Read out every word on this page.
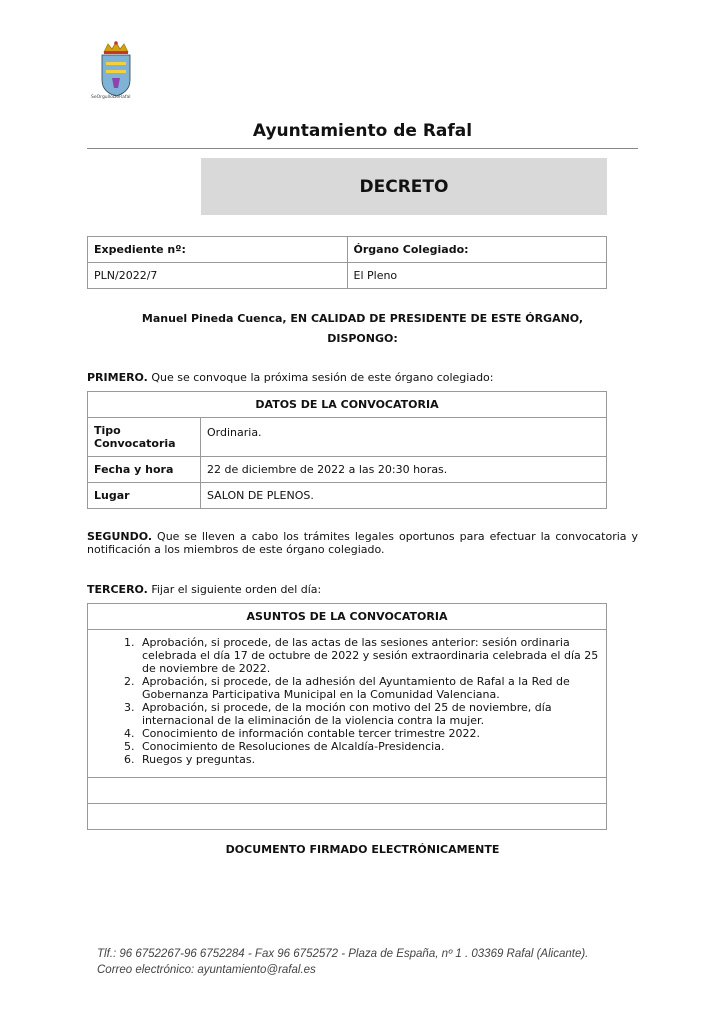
SeOrgulloDeRafal
Ayuntamiento de Rafal
DECRETO
Expediente nº:	Órgano Colegiado:
PLN/2022/7	El Pleno
Manuel Pineda Cuenca, EN CALIDAD DE PRESIDENTE DE ESTE ÓRGANO,
DISPONGO:
PRIMERO. Que se convoque la próxima sesión de este órgano colegiado:
DATOS DE LA CONVOCATORIA	
Tipo Convocatoria	Ordinaria.
Fecha y hora	22 de diciembre de 2022 a las 20:30 horas.
Lugar	SALON DE PLENOS.
SEGUNDO. Que se lleven a cabo los trámites legales oportunos para efectuar la convocatoria y notificación a los miembros de este órgano colegiado.
TERCERO. Fijar el siguiente orden del día:
ASUNTOS DE LA CONVOCATORIA

1. Aprobación, si procede, de las actas de las sesiones anterior: sesión ordinaria celebrada el día 17 de octubre de 2022 y sesión extraordinaria celebrada el día 25 de noviembre de 2022.
2. Aprobación, si procede, de la adhesión del Ayuntamiento de Rafal a la Red de Gobernanza Participativa Municipal en la Comunidad Valenciana.
3. Aprobación, si procede, de la moción con motivo del 25 de noviembre, día internacional de la eliminación de la violencia contra la mujer.
4. Conocimiento de información contable tercer trimestre 2022.
5. Conocimiento de Resoluciones de Alcaldía-Presidencia.
6. Ruegos y preguntas.

DOCUMENTO FIRMADO ELECTRÓNICAMENTE
Tlf.: 96 6752267-96 6752284 - Fax 96 6752572 - Plaza de España, nº 1 . 03369 Rafal (Alicante).
Correo electrónico: ayuntamiento@rafal.es
